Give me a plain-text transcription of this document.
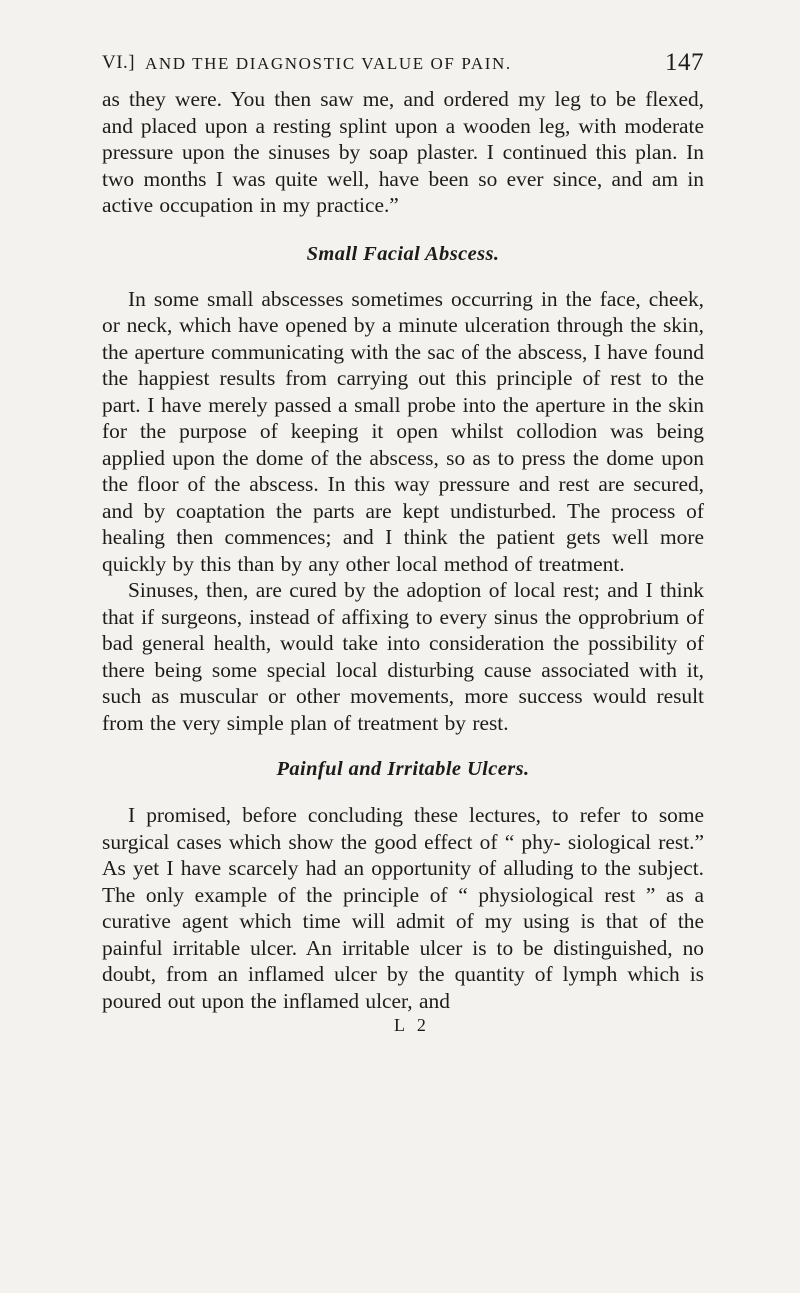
VI.] AND THE DIAGNOSTIC VALUE OF PAIN.	147

as they were. You then saw me, and ordered my leg to be flexed, and placed upon a resting splint upon a wooden leg, with moderate pressure upon the sinuses by soap plaster. I continued this plan. In two months I was quite well, have been so ever since, and am in active occupation in my practice.”

Small Facial Abscess.

In some small abscesses sometimes occurring in the face, cheek, or neck, which have opened by a minute ulceration through the skin, the aperture communicating with the sac of the abscess, I have found the happiest results from carrying out this principle of rest to the part. I have merely passed a small probe into the aperture in the skin for the purpose of keeping it open whilst collodion was being applied upon the dome of the abscess, so as to press the dome upon the floor of the abscess. In this way pressure and rest are secured, and by coaptation the parts are kept undisturbed. The process of healing then commences; and I think the patient gets well more quickly by this than by any other local method of treatment.

Sinuses, then, are cured by the adoption of local rest; and I think that if surgeons, instead of affixing to every sinus the opprobrium of bad general health, would take into consideration the possibility of there being some special local disturbing cause associated with it, such as muscular or other movements, more success would result from the very simple plan of treatment by rest.

Painful and Irritable Ulcers.

I promised, before concluding these lectures, to refer to some surgical cases which show the good effect of “ phy- siological rest.” As yet I have scarcely had an opportunity of alluding to the subject. The only example of the principle of “ physiological rest ” as a curative agent which time will admit of my using is that of the painful irritable ulcer. An irritable ulcer is to be distinguished, no doubt, from an inflamed ulcer by the quantity of lymph which is poured out upon the inflamed ulcer, and

L 2
